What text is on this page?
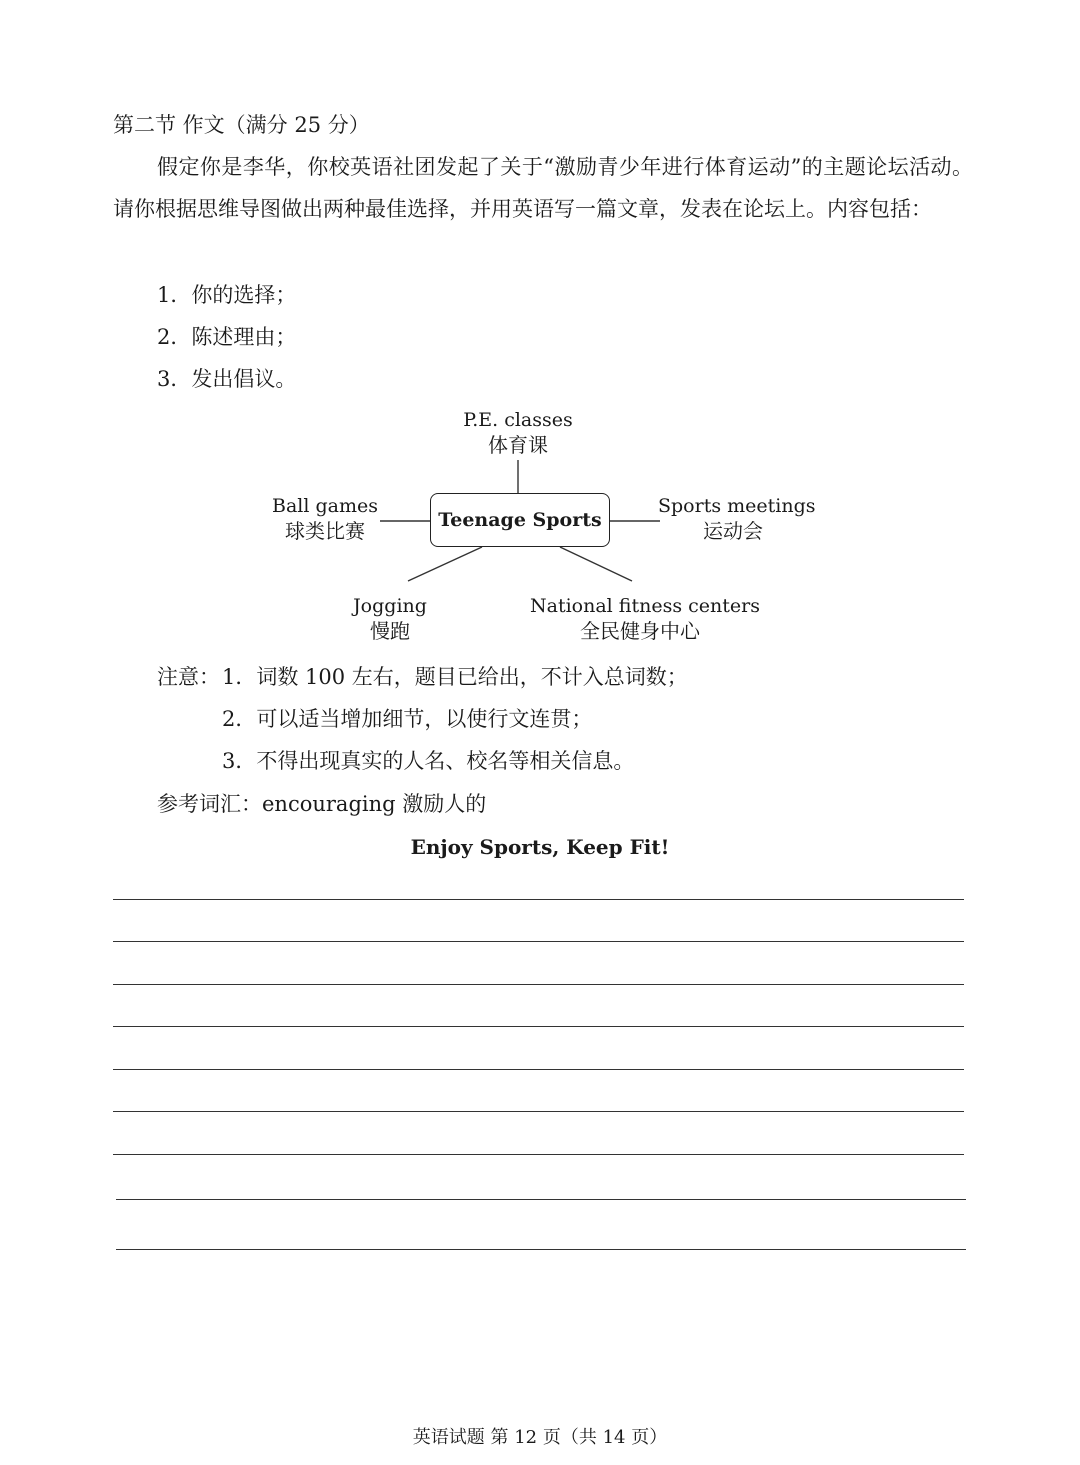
第二节 作文（满分 25 分）
假定你是李华，你校英语社团发起了关于“激励青少年进行体育运动”的主题论坛活动。请你根据思维导图做出两种最佳选择，并用英语写一篇文章，发表在论坛上。内容包括：
1．你的选择；
2．陈述理由；
3．发出倡议。
Teenage Sports
P.E. classes
体育课
Ball games
球类比赛
Sports meetings
运动会
Jogging
慢跑
National fitness centers
全民健身中心
注意： 1．词数 100 左右，题目已给出，不计入总词数；
2．可以适当增加细节，以使行文连贯；
3．不得出现真实的人名、校名等相关信息。
参考词汇：encouraging 激励人的
Enjoy Sports, Keep Fit!
英语试题 第 12 页（共 14 页）
